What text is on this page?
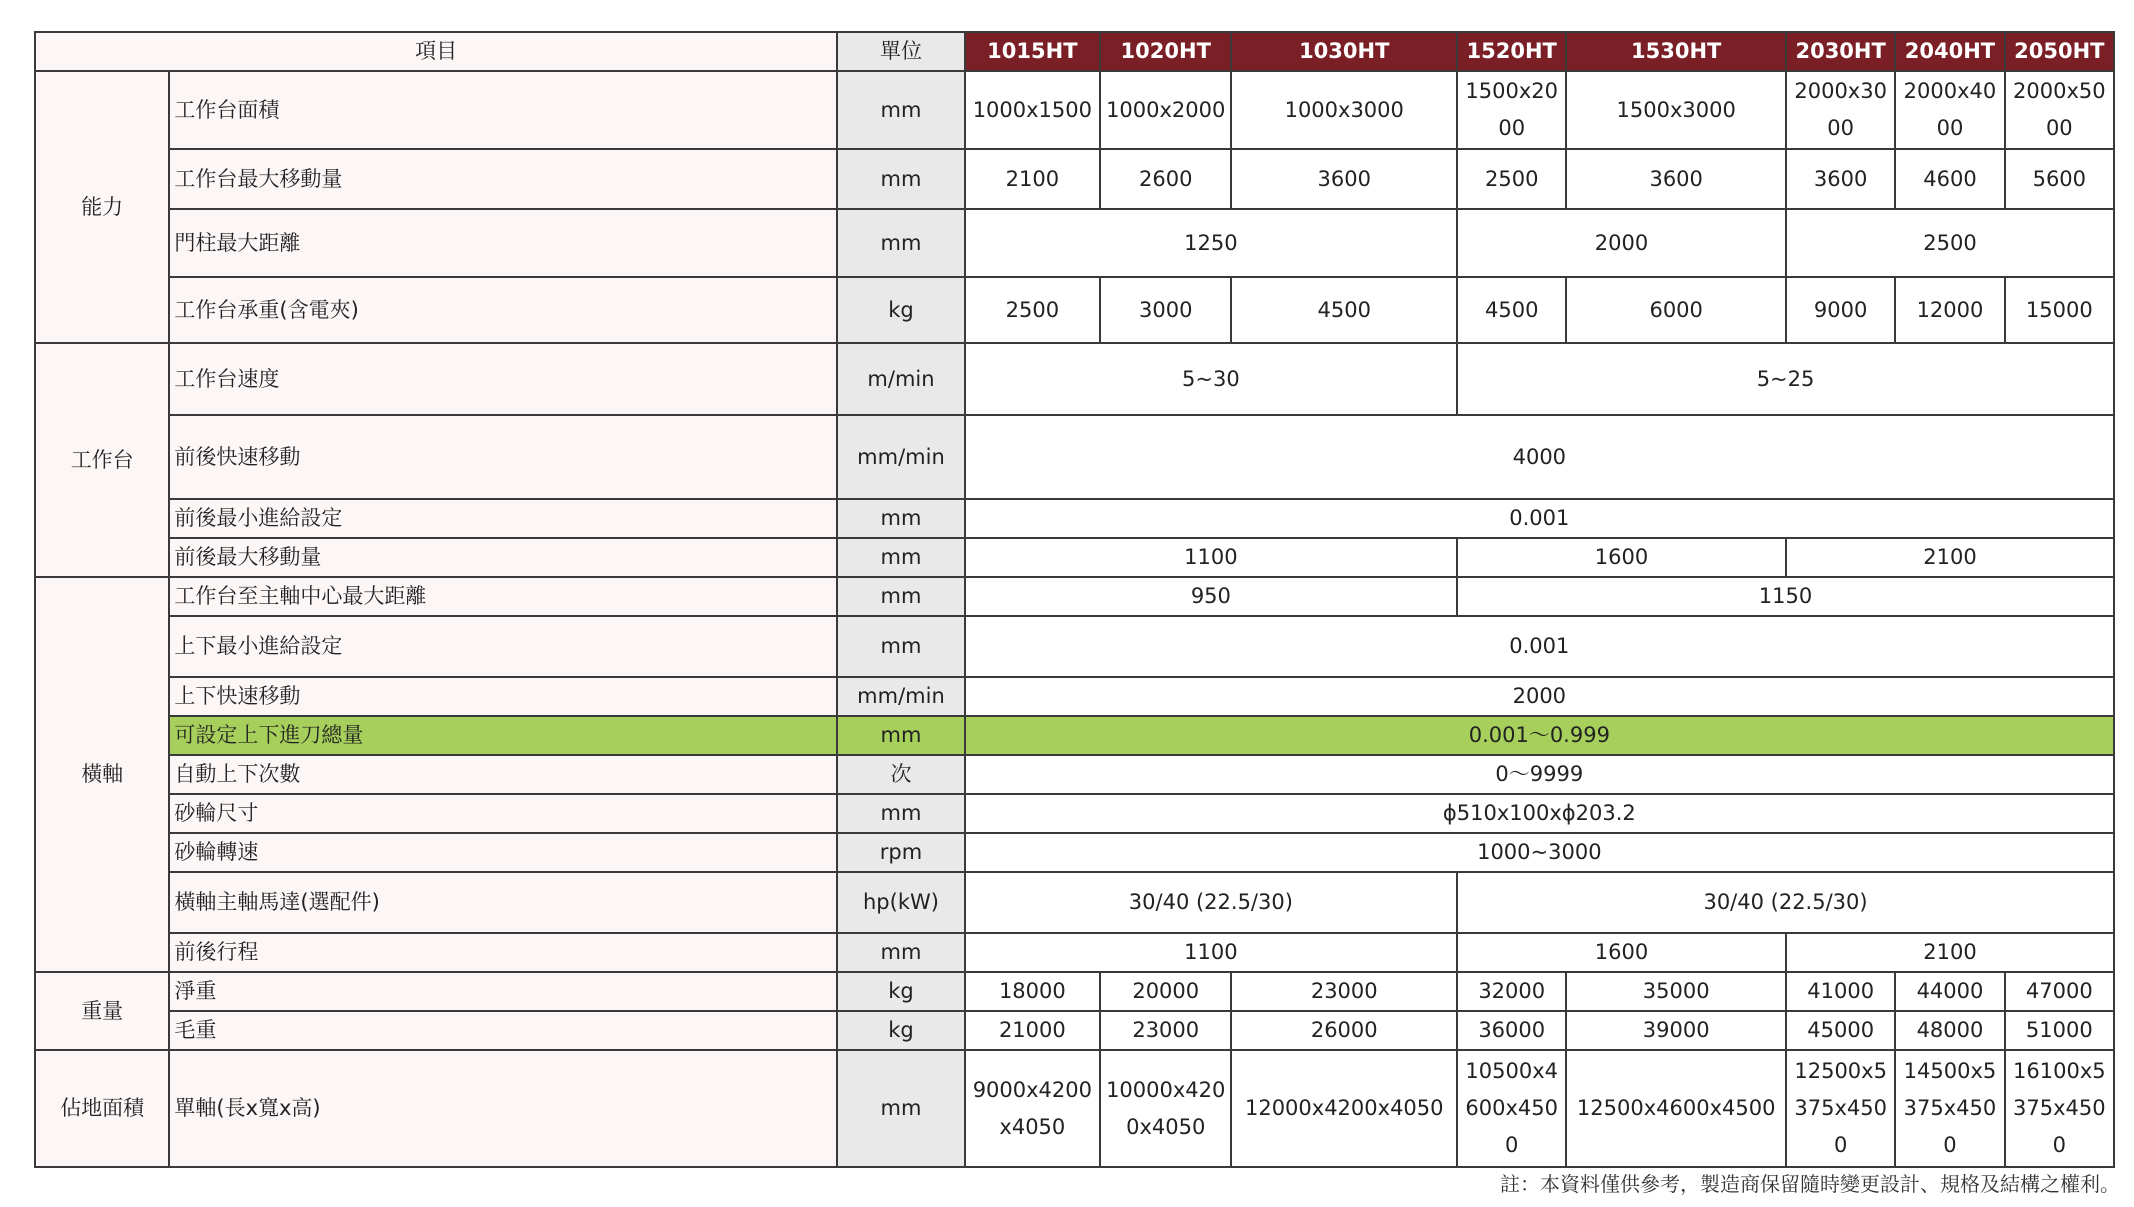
項目		單位	1015HT	1020HT	1030HT	1520HT	1530HT	2030HT	2040HT	2050HT
能力	工作台面積	mm	1000x1500	1000x2000	1000x3000	1500x2000	1500x3000	2000x3000	2000x4000	2000x5000
	工作台最大移動量	mm	2100	2600	3600	2500	3600	3600	4600	5600
	門柱最大距離	mm	1250			2000		2500		
	工作台承重(含電夾)	kg	2500	3000	4500	4500	6000	9000	12000	15000
工作台	工作台速度	m/min	5~30			5~25				
	前後快速移動	mm/min	4000							
	前後最小進給設定	mm	0.001							
	前後最大移動量	mm	1100			1600		2100		
橫軸	工作台至主軸中心最大距離	mm	950			1150				
	上下最小進給設定	mm	0.001							
	上下快速移動	mm/min	2000							
	可設定上下進刀總量	mm	0.001〜0.999							
	自動上下次數	次	0〜9999							
	砂輪尺寸	mm	ϕ510x100xϕ203.2							
	砂輪轉速	rpm	1000~3000							
	橫軸主軸馬達(選配件)	hp(kW)	30/40 (22.5/30)			30/40 (22.5/30)				
	前後行程	mm	1100			1600		2100		
重量	淨重	kg	18000	20000	23000	32000	35000	41000	44000	47000
	毛重	kg	21000	23000	26000	36000	39000	45000	48000	51000
佔地面積	單軸(長x寬x高)	mm	9000x4200x4050	10000x4200x4050	12000x4200x4050	10500x4600x4500	12500x4600x4500	12500x5375x4500	14500x5375x4500	16100x5375x4500
註：本資料僅供參考，製造商保留隨時變更設計、規格及結構之權利。
